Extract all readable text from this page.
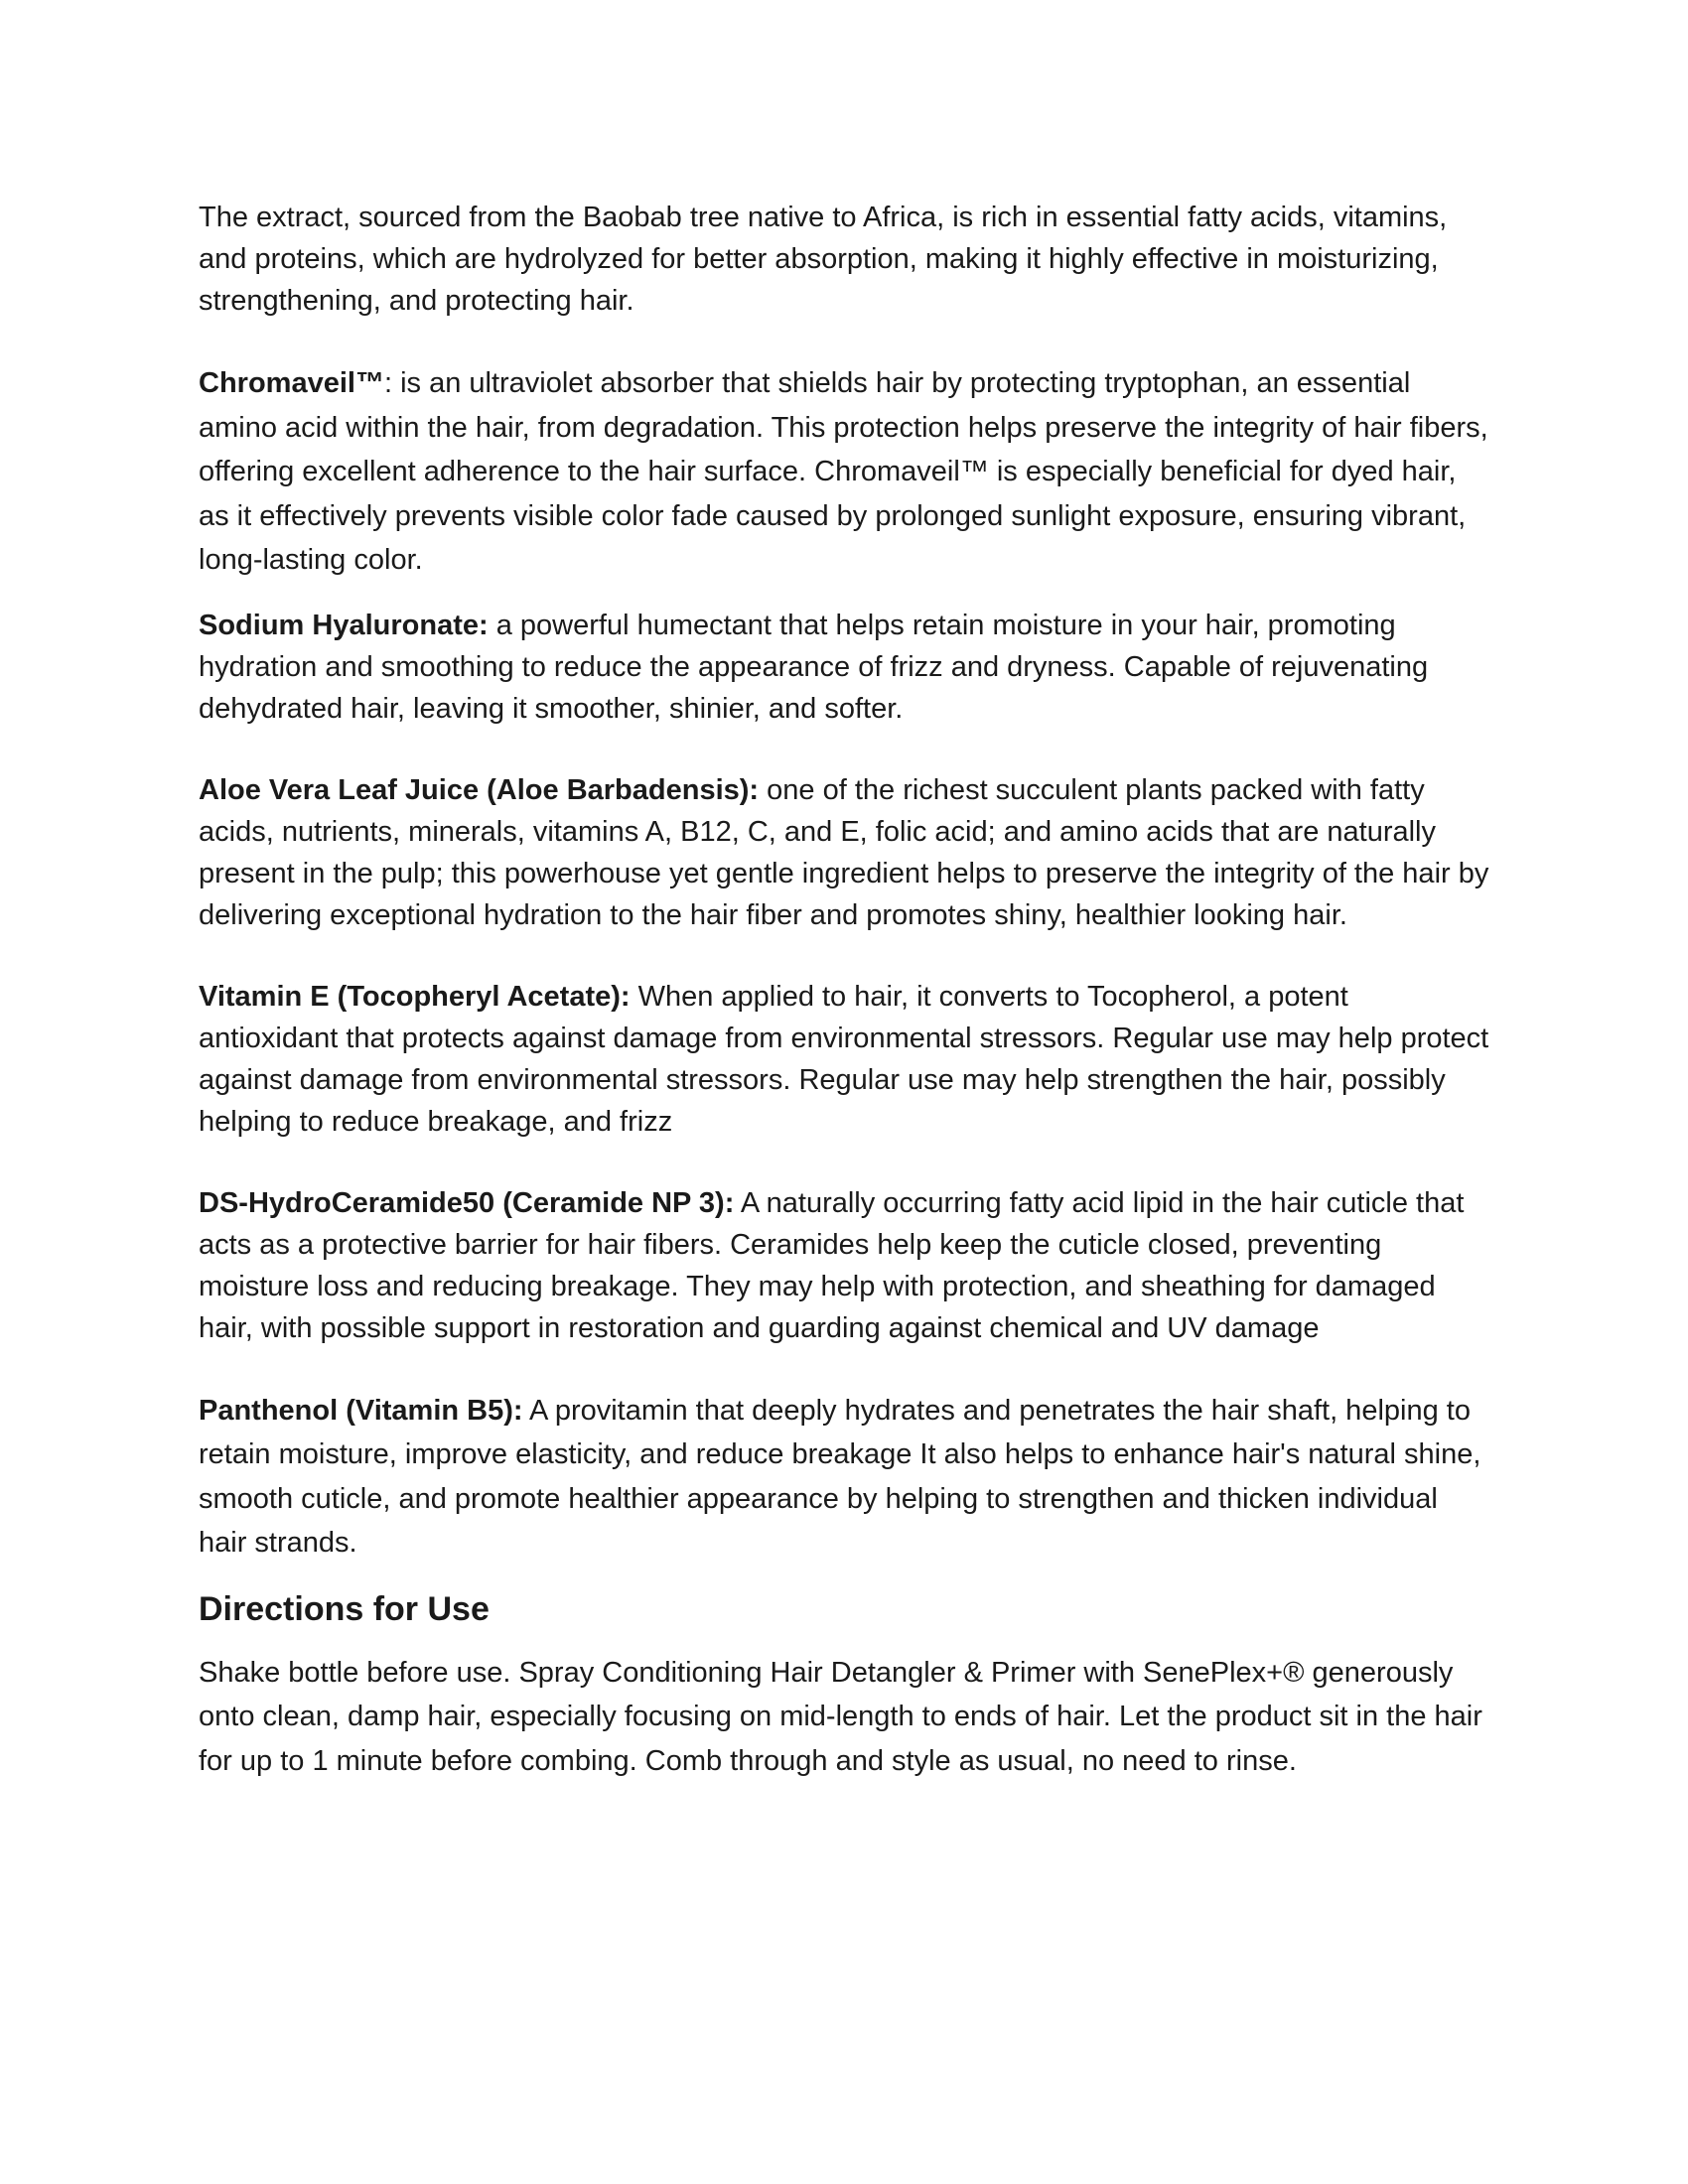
The extract, sourced from the Baobab tree native to Africa, is rich in essential fatty acids, vitamins, and proteins, which are hydrolyzed for better absorption, making it highly effective in moisturizing, strengthening, and protecting hair.

Chromaveil™: is an ultraviolet absorber that shields hair by protecting tryptophan, an essential amino acid within the hair, from degradation. This protection helps preserve the integrity of hair fibers, offering excellent adherence to the hair surface. Chromaveil™ is especially beneficial for dyed hair, as it effectively prevents visible color fade caused by prolonged sunlight exposure, ensuring vibrant, long-lasting color.

Sodium Hyaluronate: a powerful humectant that helps retain moisture in your hair, promoting hydration and smoothing to reduce the appearance of frizz and dryness. Capable of rejuvenating dehydrated hair, leaving it smoother, shinier, and softer.

Aloe Vera Leaf Juice (Aloe Barbadensis): one of the richest succulent plants packed with fatty acids, nutrients, minerals, vitamins A, B12, C, and E, folic acid; and amino acids that are naturally present in the pulp; this powerhouse yet gentle ingredient helps to preserve the integrity of the hair by delivering exceptional hydration to the hair fiber and promotes shiny, healthier looking hair.

Vitamin E (Tocopheryl Acetate): When applied to hair, it converts to Tocopherol, a potent antioxidant that protects against damage from environmental stressors. Regular use may help protect against damage from environmental stressors. Regular use may help strengthen the hair, possibly helping to reduce breakage, and frizz

DS-HydroCeramide50 (Ceramide NP 3): A naturally occurring fatty acid lipid in the hair cuticle that acts as a protective barrier for hair fibers. Ceramides help keep the cuticle closed, preventing moisture loss and reducing breakage. They may help with protection, and sheathing for damaged hair, with possible support in restoration and guarding against chemical and UV damage

Panthenol (Vitamin B5): A provitamin that deeply hydrates and penetrates the hair shaft, helping to retain moisture, improve elasticity, and reduce breakage It also helps to enhance hair's natural shine, smooth cuticle, and promote healthier appearance by helping to strengthen and thicken individual hair strands.

Directions for Use

Shake bottle before use. Spray Conditioning Hair Detangler & Primer with SenePlex+® generously onto clean, damp hair, especially focusing on mid-length to ends of hair. Let the product sit in the hair for up to 1 minute before combing. Comb through and style as usual, no need to rinse.
